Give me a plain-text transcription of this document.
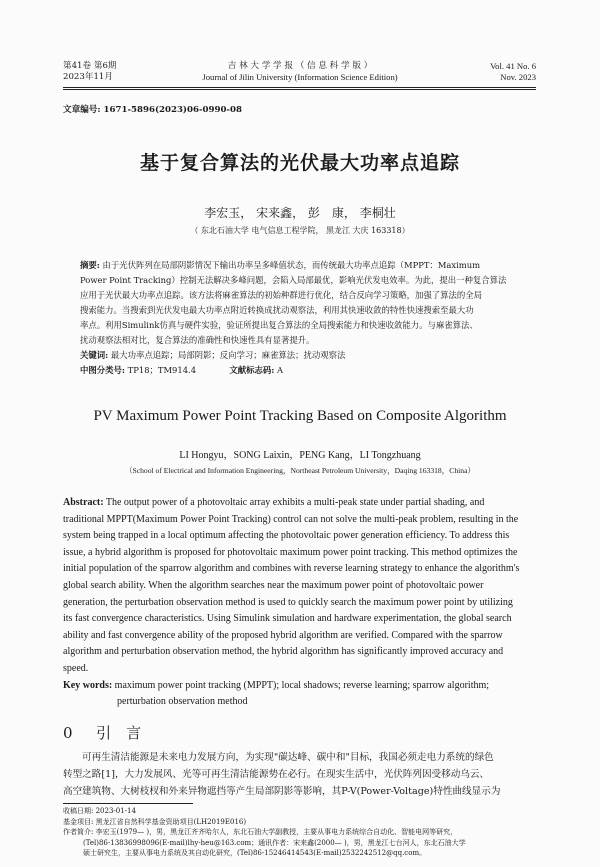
第41卷 第6期
2023年11月
吉 林 大 学 学 报 （ 信 息 科 学 版 ）
Journal of Jilin University (Information Science Edition)
Vol. 41 No. 6
Nov. 2023
文章编号: 1671-5896(2023)06-0990-08
基于复合算法的光伏最大功率点追踪
李宏玉， 宋来鑫， 彭　康， 李桐壮
（ 东北石油大学 电气信息工程学院， 黑龙江 大庆 163318）
摘要: 由于光伏阵列在局部阴影情况下输出功率呈多峰值状态，而传统最大功率点追踪（MPPT：Maximum
Power Point Tracking）控制无法解决多峰问题，会陷入局部最优，影响光伏发电效率。为此，提出一种复合算法
应用于光伏最大功率点追踪。该方法将麻雀算法的初始种群进行优化，结合反向学习策略，加强了算法的全局
搜索能力。当搜索到光伏发电最大功率点附近转换成扰动观察法，利用其快速收敛的特性快速搜索至最大功
率点。利用Simulink仿真与硬件实验，验证所提出复合算法的全局搜索能力和快速收敛能力。与麻雀算法、
扰动观察法相对比，复合算法的准确性和快速性具有显著提升。
关键词: 最大功率点追踪；局部阴影；反向学习；麻雀算法；扰动观察法
中图分类号: TP18；TM914.4	文献标志码: A
PV Maximum Power Point Tracking Based on Composite Algorithm
LI Hongyu，SONG Laixin，PENG Kang，LI Tongzhuang
（School of Electrical and Information Engineering，Northeast Petroleum University，Daqing 163318，China）
Abstract: The output power of a photovoltaic array exhibits a multi-peak state under partial shading, and
traditional MPPT(Maximum Power Point Tracking) control can not solve the multi-peak problem, resulting in the
system being trapped in a local optimum affecting the photovoltaic power generation efficiency. To address this
issue, a hybrid algorithm is proposed for photovoltaic maximum power point tracking. This method optimizes the
initial population of the sparrow algorithm and combines with reverse learning strategy to enhance the algorithm's
global search ability. When the algorithm searches near the maximum power point of photovoltaic power
generation, the perturbation observation method is used to quickly search the maximum power point by utilizing
its fast convergence characteristics. Using Simulink simulation and hardware experimentation, the global search
ability and fast convergence ability of the proposed hybrid algorithm are verified. Compared with the sparrow
algorithm and perturbation observation method, the hybrid algorithm has significantly improved accuracy and
speed.
Key words: maximum power point tracking (MPPT); local shadows; reverse learning; sparrow algorithm;
perturbation observation method
0 引　言
可再生清洁能源是未来电力发展方向，为实现"碳达峰、碳中和"目标，我国必须走电力系统的绿色
转型之路[1]，大力发展风、光等可再生清洁能源势在必行。在现实生活中，光伏阵列因受移动乌云、
高空建筑物、大树枝杈和外来异物遮挡等产生局部阴影等影响，其P-V(Power-Voltage)特性曲线显示为
收稿日期: 2023-01-14
基金项目: 黑龙江省自然科学基金资助项目(LH2019E016)
作者简介: 李宏玉(1979— )，男，黑龙江齐齐哈尔人，东北石油大学副教授，主要从事电力系统综合自动化、智能电网等研究，
(Tel)86-13836998096(E-mail)lhy-heu@163.com；通讯作者：宋来鑫(2000— )，男，黑龙江七台河人，东北石油大学
硕士研究生，主要从事电力系统及其自动化研究，(Tel)86-15246414543(E-mail)2532242512@qq.com。
